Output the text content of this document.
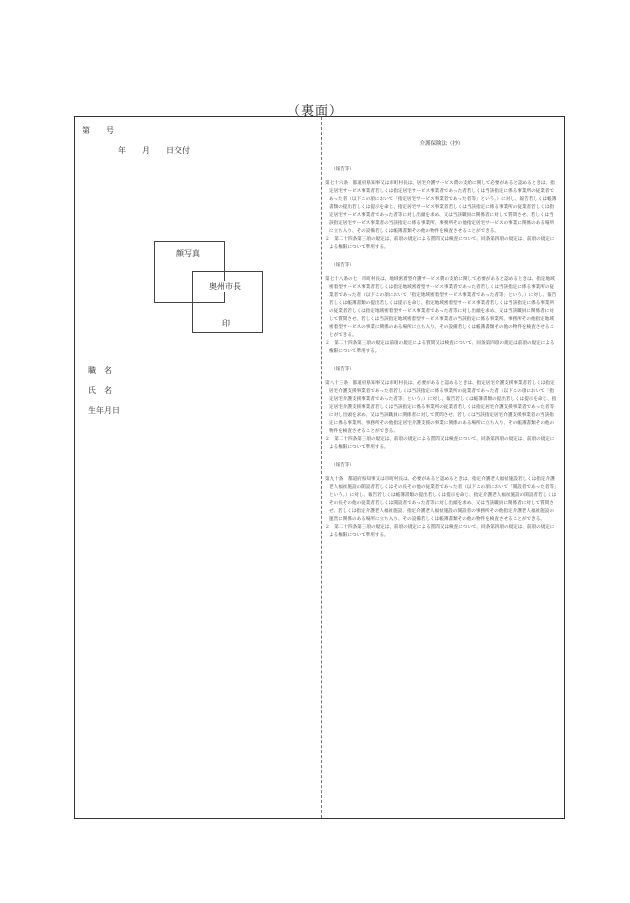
（裏面）
第　　号
年　　月　　日交付
顔写真
奥州市長
印
職　名
氏　名
生年月日
介護保険法（抄）

（報告等）

第七十六条　都道府県知事又は市町村長は、居宅介護サービス費の支給に関して必要があると認めるときは、指定居宅サービス事業者若しくは指定居宅サービス事業者であった者若しくは当該指定に係る事業所の従業者であった者（以下この項において「指定居宅サービス事業者であった者等」という。）に対し、報告若しくは帳簿書類の提出若しくは提示を命じ、指定居宅サービス事業者若しくは当該指定に係る事業所の従業者若しくは指定居宅サービス事業者であった者等に対し出頭を求め、又は当該職員に関係者に対して質問させ、若しくは当該指定居宅サービス事業者の当該指定に係る事業所、事務所その他指定居宅サービスの事業に関係のある場所に立ち入り、その設備若しくは帳簿書類その他の物件を検査させることができる。

２　第二十四条第三項の規定は、前項の規定による質問又は検査について、同条第四項の規定は、前項の規定による権限について準用する。

（報告等）

第七十八条の七　市町村長は、地域密着型介護サービス費の支給に関して必要があると認めるときは、指定地域密着型サービス事業者若しくは指定地域密着型サービス事業者であった者若しくは当該指定に係る事業所の従業者であった者（以下この項において「指定地域密着型サービス事業者であった者等」という。）に対し、報告若しくは帳簿書類の提出若しくは提示を命じ、指定地域密着型サービス事業者若しくは当該指定に係る事業所の従業者若しくは指定地域密着型サービス事業者であった者等に対し出頭を求め、又は当該職員に関係者に対して質問させ、若しくは当該指定地域密着型サービス事業者の当該指定に係る事業所、事務所その他指定地域密着型サービスの事業に関係のある場所に立ち入り、その設備若しくは帳簿書類その他の物件を検査させることができる。

２　第二十四条第三項の規定は前項の規定による質問又は検査について、同条第四項の規定は前項の規定による権限について準用する。

（報告等）

第八十三条　都道府県知事又は市町村長は、必要があると認めるときは、指定居宅介護支援事業者若しくは指定居宅介護支援事業者であった者若しくは当該指定に係る事業所の従業者であった者（以下この項において「指定居宅介護支援事業者であった者等」という。）に対し、報告若しくは帳簿書類の提出若しくは提示を命じ、指定居宅介護支援事業者若しくは当該指定に係る事業所の従業者若しくは指定居宅介護支援事業者であった者等に対し出頭を求め、又は当該職員に関係者に対して質問させ、若しくは当該指定居宅介護支援事業者の当該指定に係る事業所、事務所その他指定居宅介護支援の事業に関係のある場所に立ち入り、その帳簿書類その他の物件を検査させることができる。

２　第二十四条第三項の規定は、前項の規定による質問又は検査について、同条第四項の規定は、前項の規定による権限について準用する。

（報告等）

第九十条　都道府県知事又は市町村長は、必要があると認めるときは、指定介護老人福祉施設若しくは指定介護老人福祉施設の開設者若しくはその長その他の従業者であった者（以下この項において「開設者であった者等」という。）に対し、報告若しくは帳簿書類の提出若しくは提示を命じ、指定介護老人福祉施設の開設者若しくはその長その他の従業者若しくは開設者であった者等に対し出頭を求め、又は当該職員に関係者に対して質問させ、若しくは指定介護老人福祉施設、指定介護老人福祉施設の開設者の事務所その他指定介護老人福祉施設の運営に関係のある場所に立ち入り、その設備若しくは帳簿書類その他の物件を検査させることができる。

２　第二十四条第三項の規定は、前項の規定による質問又は検査について、同条第四項の規定は、前項の規定による権限について準用する。
